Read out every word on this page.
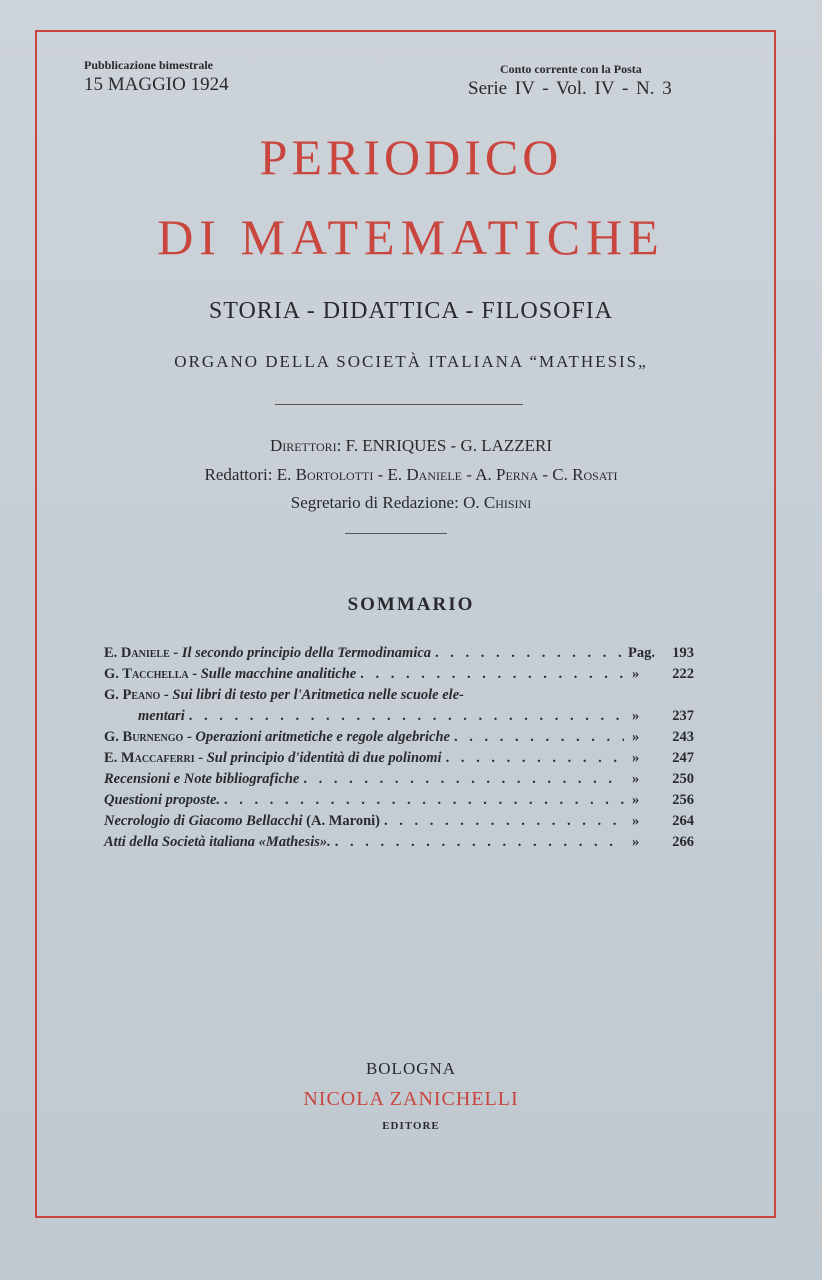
Pubblicazione bimestrale
15 MAGGIO 1924
Conto corrente con la Posta
Serie IV - Vol. IV - N. 3
PERIODICO
DI MATEMATICHE
STORIA - DIDATTICA - FILOSOFIA
ORGANO DELLA SOCIETÀ ITALIANA “MATHESIS„
Direttori: F. ENRIQUES - G. LAZZERI
Redattori: E. Bortolotti - E. Daniele - A. Perna - C. Rosati
Segretario di Redazione: O. Chisini
SOMMARIO
E. Daniele - Il secondo principio della Termodinamica . . .	Pag. 193
G. Tacchella - Sulle macchine analitiche . . .	» 222
G. Peano - Sui libri di testo per l'Aritmetica nelle scuole ele-
mentari . . .	» 237
G. Burnengo - Operazioni aritmetiche e regole algebriche . . .	» 243
E. Maccaferri - Sul principio d'identità di due polinomi . . .	» 247
Recensioni e Note bibliografiche . . .	» 250
Questioni proposte. . . .	» 256
Necrologio di Giacomo Bellacchi (A. Maroni) . . .	» 264
Atti della Società italiana «Mathesis». . . .	» 266
BOLOGNA
NICOLA ZANICHELLI
EDITORE
